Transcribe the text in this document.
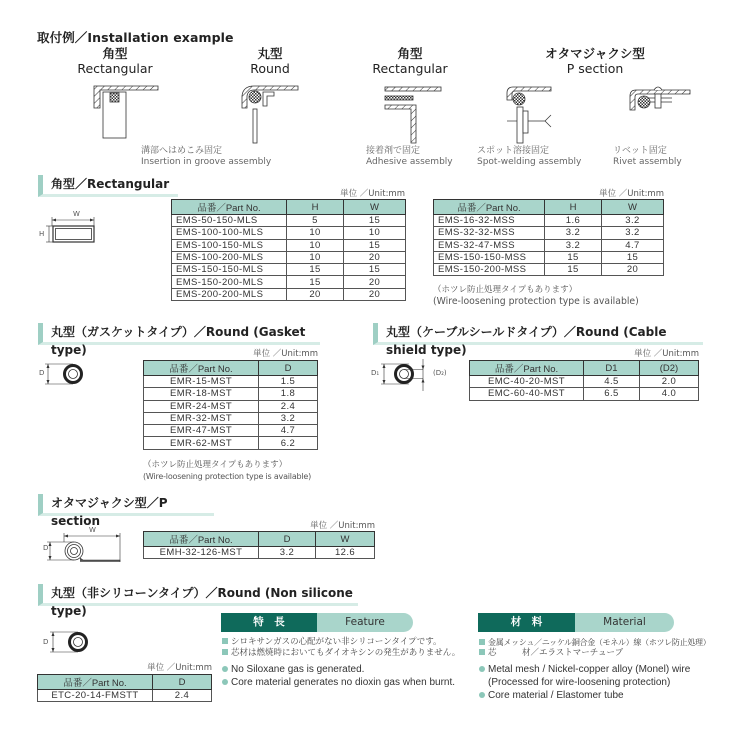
取付例／Installation example
角型
Rectangular
丸型
Round
角型
Rectangular
オタマジャクシ型
P section
溝部へはめこみ固定
Insertion in groove assembly
接着剤で固定
Adhesive assembly
スポット溶接固定
Spot-welding assembly
リベット固定
Rivet assembly
角型／Rectangular
W
H
単位 ／Unit:mm
品番／Part No.	H	W
EMS-50-150-MLS	5	15
EMS-100-100-MLS	10	10
EMS-100-150-MLS	10	15
EMS-100-200-MLS	10	20
EMS-150-150-MLS	15	15
EMS-150-200-MLS	15	20
EMS-200-200-MLS	20	20
単位 ／Unit:mm
品番／Part No.	H	W
EMS-16-32-MSS	1.6	3.2
EMS-32-32-MSS	3.2	3.2
EMS-32-47-MSS	3.2	4.7
EMS-150-150-MSS	15	15
EMS-150-200-MSS	15	20
（ホツレ防止処理タイプもあります）
(Wire-loosening protection type is available)
丸型（ガスケットタイプ）／Round (Gasket type)
D
単位 ／Unit:mm
品番／Part No.	D
EMR-15-MST	1.5
EMR-18-MST	1.8
EMR-24-MST	2.4
EMR-32-MST	3.2
EMR-47-MST	4.7
EMR-62-MST	6.2
（ホツレ防止処理タイプもあります）
(Wire-loosening protection type is available)
丸型（ケーブルシールドタイプ）／Round (Cable shield type)
D₁	(D₂)
単位 ／Unit:mm
品番／Part No.	D1	(D2)
EMC-40-20-MST	4.5	2.0
EMC-60-40-MST	6.5	4.0
オタマジャクシ型／P section
W
D
単位 ／Unit:mm
品番／Part No.	D	W
EMH-32-126-MST	3.2	12.6
丸型（非シリコーンタイプ）／Round (Non silicone type)
D
単位 ／Unit:mm
品番／Part No.	D
ETC-20-14-FMSTT	2.4
特　長	Feature
シロキサンガスの心配がない非シリコーンタイプです。
芯材は燃焼時においてもダイオキシンの発生がありません。
No Siloxane gas is generated.
Core material generates no dioxin gas when burnt.
材　料	Material
金属メッシュ／ニッケル銅合金（モネル）線（ホツレ防止処理）
芯　　　材／エラストマーチューブ
Metal mesh / Nickel-copper alloy (Monel) wire (Processed for wire-loosening protection)
Core material / Elastomer tube
